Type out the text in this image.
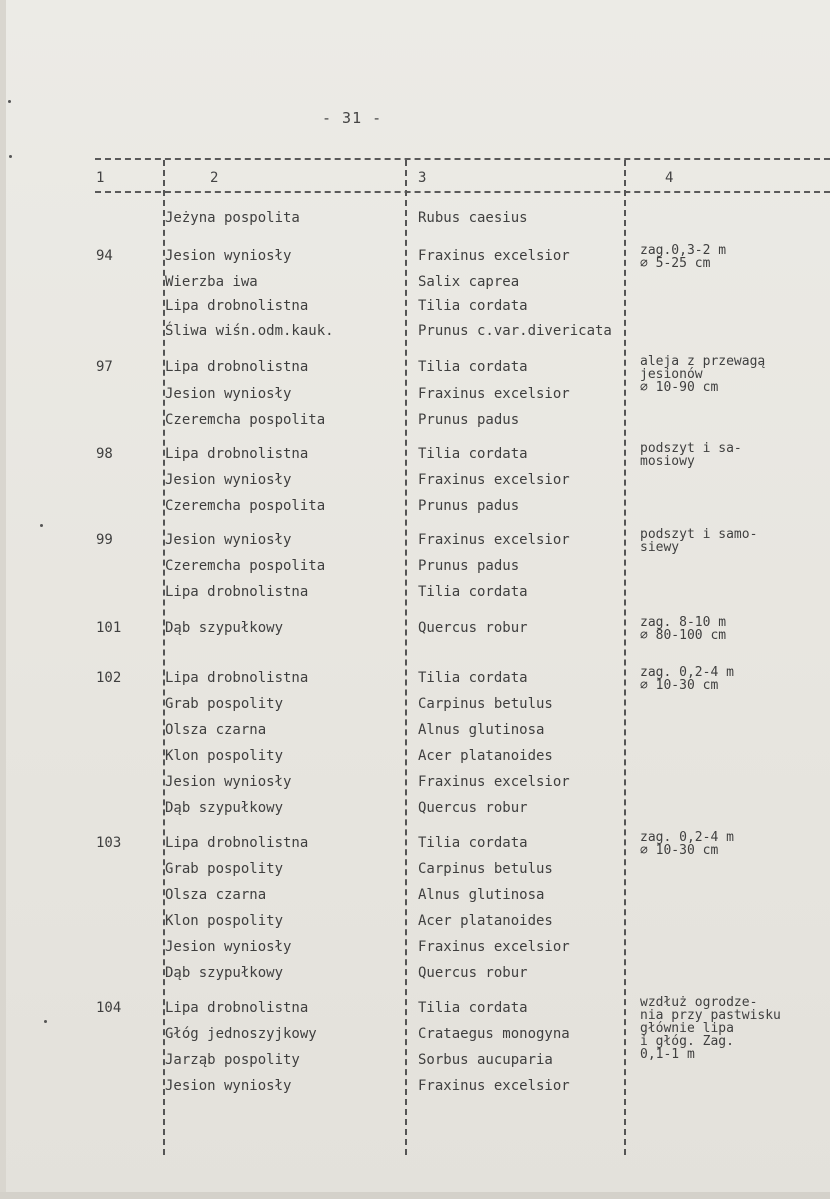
- 31 -
1	2	3	4
Jeżyna pospolita	Rubus caesius
94	Jesion wyniosły	Fraxinus excelsior	zag.0,3-2 m
∅ 5-25 cm
Wierzba iwa	Salix caprea
Lipa drobnolistna	Tilia cordata
Śliwa wiśn.odm.kauk.	Prunus c.var.divericata
97	Lipa drobnolistna	Tilia cordata	aleja z przewagą
jesionów
∅ 10-90 cm
Jesion wyniosły	Fraxinus excelsior
Czeremcha pospolita	Prunus padus
98	Lipa drobnolistna	Tilia cordata	podszyt i sa-
mosiowy
Jesion wyniosły	Fraxinus excelsior
Czeremcha pospolita	Prunus padus
99	Jesion wyniosły	Fraxinus excelsior	podszyt i samo-
siewy
Czeremcha pospolita	Prunus padus
Lipa drobnolistna	Tilia cordata
101	Dąb szypułkowy	Quercus robur	zag. 8-10 m
∅ 80-100 cm
102	Lipa drobnolistna	Tilia cordata	zag. 0,2-4 m
∅ 10-30 cm
Grab pospolity	Carpinus betulus
Olsza czarna	Alnus glutinosa
Klon pospolity	Acer platanoides
Jesion wyniosły	Fraxinus excelsior
Dąb szypułkowy	Quercus robur
103	Lipa drobnolistna	Tilia cordata	zag. 0,2-4 m
∅ 10-30 cm
Grab pospolity	Carpinus betulus
Olsza czarna	Alnus glutinosa
Klon pospolity	Acer platanoides
Jesion wyniosły	Fraxinus excelsior
Dąb szypułkowy	Quercus robur
104	Lipa drobnolistna	Tilia cordata	wzdłuż ogrodze-
nia przy pastwisku
głównie lipa
i głóg. Zag.
0,1-1 m
Głóg jednoszyjkowy	Crataegus monogyna
Jarząb pospolity	Sorbus aucuparia
Jesion wyniosły	Fraxinus excelsior
